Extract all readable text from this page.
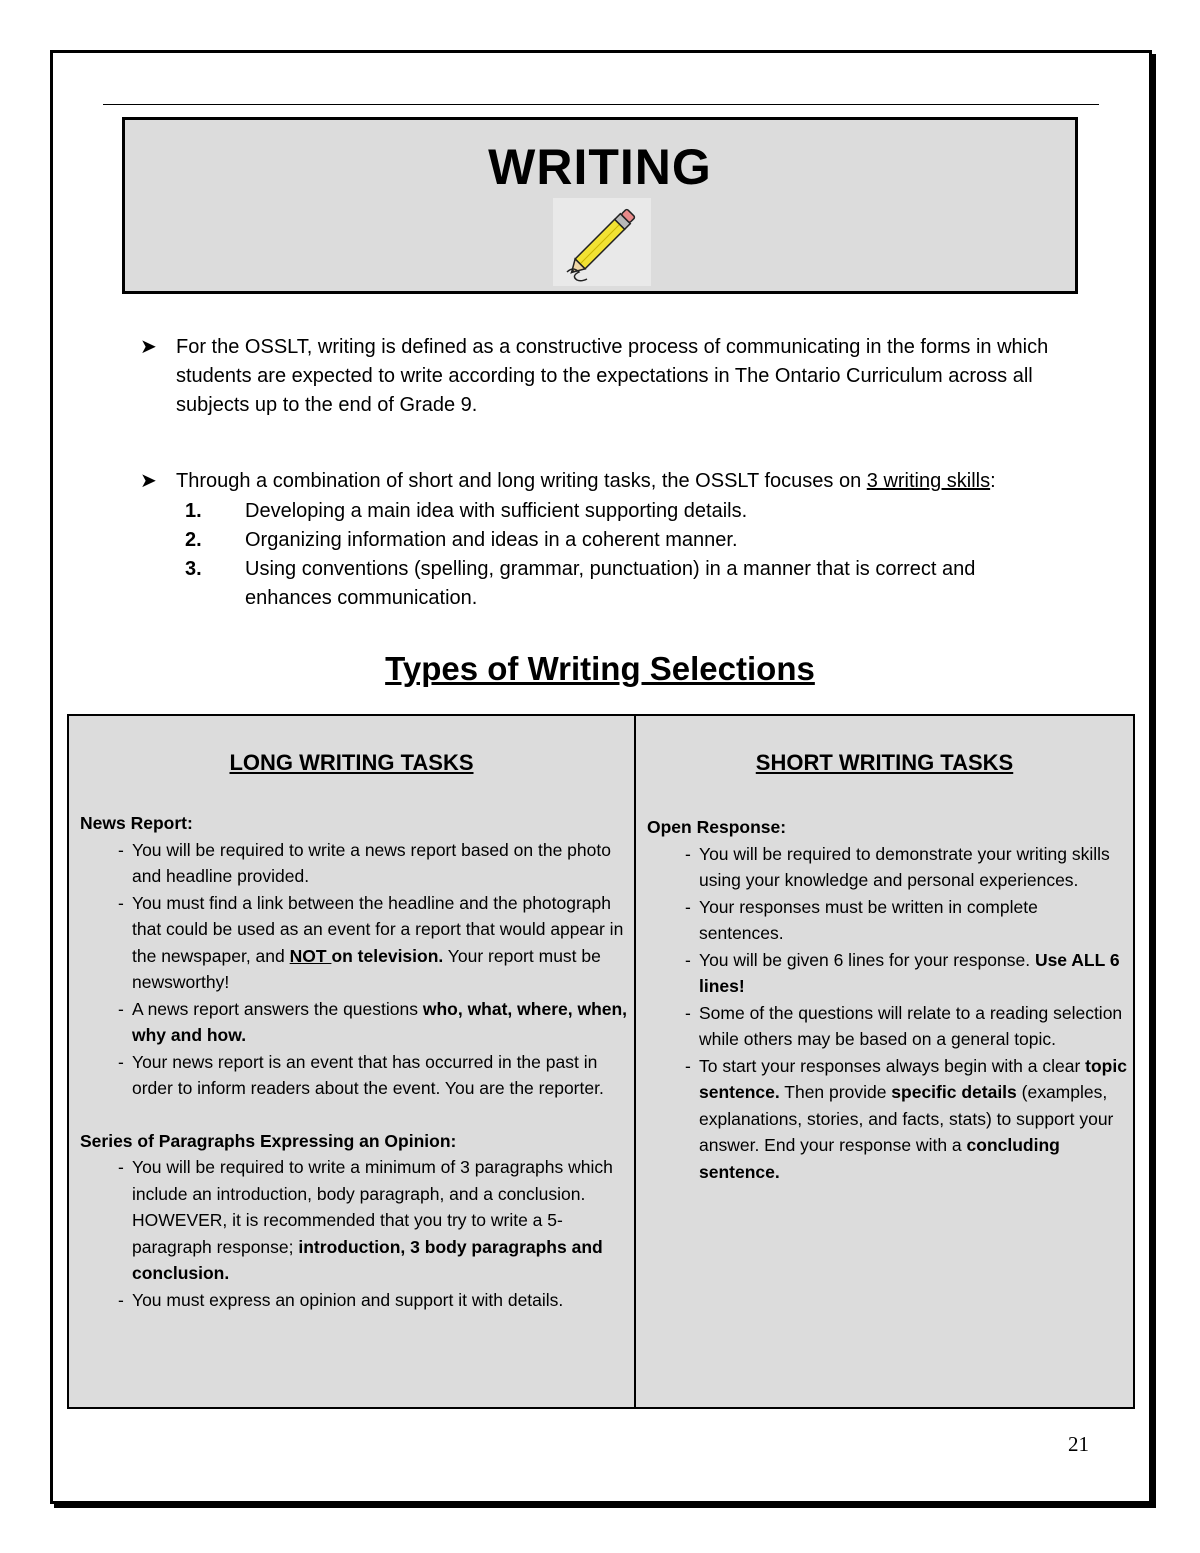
WRITING
➤ For the OSSLT, writing is defined as a constructive process of communicating in the forms in which students are expected to write according to the expectations in The Ontario Curriculum across all subjects up to the end of Grade 9.
➤ Through a combination of short and long writing tasks, the OSSLT focuses on 3 writing skills:
1.	Developing a main idea with sufficient supporting details.
2.	Organizing information and ideas in a coherent manner.
3.	Using conventions (spelling, grammar, punctuation) in a manner that is correct and enhances communication.
Types of Writing Selections
LONG WRITING TASKS
News Report:
- You will be required to write a news report based on the photo and headline provided.
- You must find a link between the headline and the photograph that could be used as an event for a report that would appear in the newspaper, and NOT on television. Your report must be newsworthy!
- A news report answers the questions who, what, where, when, why and how.
- Your news report is an event that has occurred in the past in order to inform readers about the event. You are the reporter.
Series of Paragraphs Expressing an Opinion:
- You will be required to write a minimum of 3 paragraphs which include an introduction, body paragraph, and a conclusion. HOWEVER, it is recommended that you try to write a 5-paragraph response; introduction, 3 body paragraphs and conclusion.
- You must express an opinion and support it with details.
SHORT WRITING TASKS
Open Response:
- You will be required to demonstrate your writing skills using your knowledge and personal experiences.
- Your responses must be written in complete sentences.
- You will be given 6 lines for your response. Use ALL 6 lines!
- Some of the questions will relate to a reading selection while others may be based on a general topic.
- To start your responses always begin with a clear topic sentence. Then provide specific details (examples, explanations, stories, and facts, stats) to support your answer. End your response with a concluding sentence.
21
